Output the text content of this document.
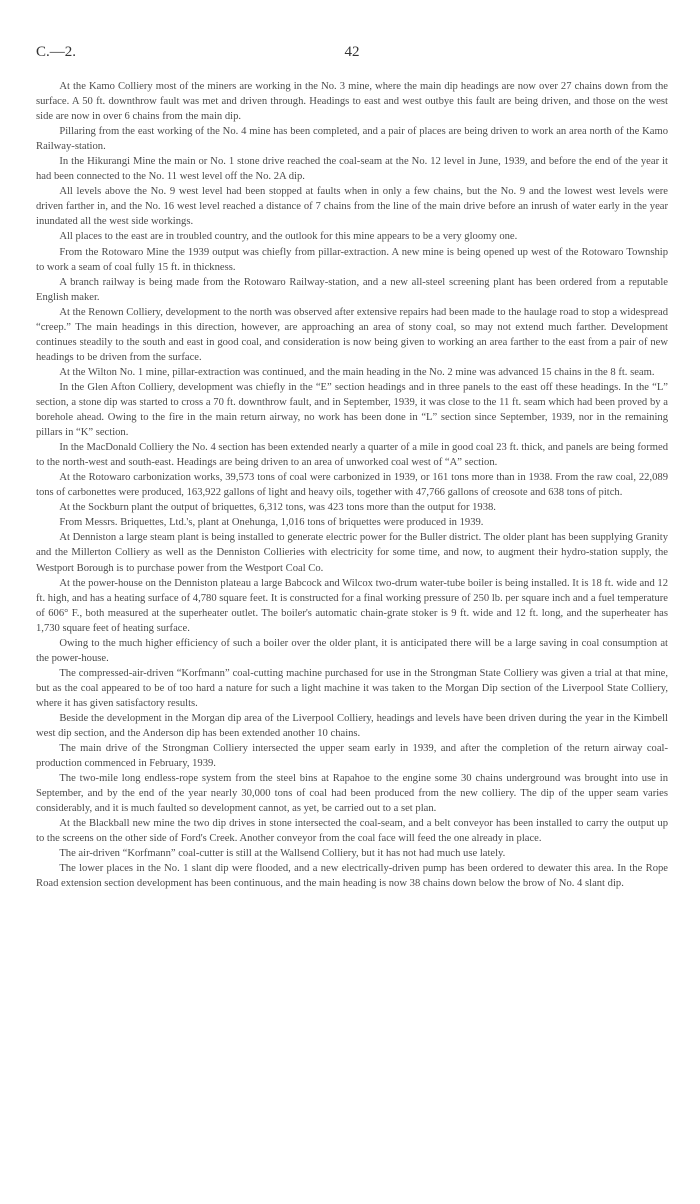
C.—2.	42

At the Kamo Colliery most of the miners are working in the No. 3 mine, where the main dip headings are now over 27 chains down from the surface. A 50 ft. downthrow fault was met and driven through. Headings to east and west outbye this fault are being driven, and those on the west side are now in over 6 chains from the main dip.

Pillaring from the east working of the No. 4 mine has been completed, and a pair of places are being driven to work an area north of the Kamo Railway-station.

In the Hikurangi Mine the main or No. 1 stone drive reached the coal-seam at the No. 12 level in June, 1939, and before the end of the year it had been connected to the No. 11 west level off the No. 2A dip.

All levels above the No. 9 west level had been stopped at faults when in only a few chains, but the No. 9 and the lowest west levels were driven farther in, and the No. 16 west level reached a distance of 7 chains from the line of the main drive before an inrush of water early in the year inundated all the west side workings.

All places to the east are in troubled country, and the outlook for this mine appears to be a very gloomy one.

From the Rotowaro Mine the 1939 output was chiefly from pillar-extraction. A new mine is being opened up west of the Rotowaro Township to work a seam of coal fully 15 ft. in thickness.

A branch railway is being made from the Rotowaro Railway-station, and a new all-steel screening plant has been ordered from a reputable English maker.

At the Renown Colliery, development to the north was observed after extensive repairs had been made to the haulage road to stop a widespread “creep.” The main headings in this direction, however, are approaching an area of stony coal, so may not extend much farther. Development continues steadily to the south and east in good coal, and consideration is now being given to working an area farther to the east from a pair of new headings to be driven from the surface.

At the Wilton No. 1 mine, pillar-extraction was continued, and the main heading in the No. 2 mine was advanced 15 chains in the 8 ft. seam.

In the Glen Afton Colliery, development was chiefly in the “E” section headings and in three panels to the east off these headings. In the “L” section, a stone dip was started to cross a 70 ft. downthrow fault, and in September, 1939, it was close to the 11 ft. seam which had been proved by a borehole ahead. Owing to the fire in the main return airway, no work has been done in “L” section since September, 1939, nor in the remaining pillars in “K” section.

In the MacDonald Colliery the No. 4 section has been extended nearly a quarter of a mile in good coal 23 ft. thick, and panels are being formed to the north-west and south-east. Headings are being driven to an area of unworked coal west of “A” section.

At the Rotowaro carbonization works, 39,573 tons of coal were carbonized in 1939, or 161 tons more than in 1938. From the raw coal, 22,089 tons of carbonettes were produced, 163,922 gallons of light and heavy oils, together with 47,766 gallons of creosote and 638 tons of pitch.

At the Sockburn plant the output of briquettes, 6,312 tons, was 423 tons more than the output for 1938.

From Messrs. Briquettes, Ltd.'s, plant at Onehunga, 1,016 tons of briquettes were produced in 1939.

At Denniston a large steam plant is being installed to generate electric power for the Buller district. The older plant has been supplying Granity and the Millerton Colliery as well as the Denniston Collieries with electricity for some time, and now, to augment their hydro-station supply, the Westport Borough is to purchase power from the Westport Coal Co.

At the power-house on the Denniston plateau a large Babcock and Wilcox two-drum water-tube boiler is being installed. It is 18 ft. wide and 12 ft. high, and has a heating surface of 4,780 square feet. It is constructed for a final working pressure of 250 lb. per square inch and a fuel temperature of 606° F., both measured at the superheater outlet. The boiler's automatic chain-grate stoker is 9 ft. wide and 12 ft. long, and the superheater has 1,730 square feet of heating surface.

Owing to the much higher efficiency of such a boiler over the older plant, it is anticipated there will be a large saving in coal consumption at the power-house.

The compressed-air-driven “Korfmann” coal-cutting machine purchased for use in the Strongman State Colliery was given a trial at that mine, but as the coal appeared to be of too hard a nature for such a light machine it was taken to the Morgan Dip section of the Liverpool State Colliery, where it has given satisfactory results.

Beside the development in the Morgan dip area of the Liverpool Colliery, headings and levels have been driven during the year in the Kimbell west dip section, and the Anderson dip has been extended another 10 chains.

The main drive of the Strongman Colliery intersected the upper seam early in 1939, and after the completion of the return airway coal-production commenced in February, 1939.

The two-mile long endless-rope system from the steel bins at Rapahoe to the engine some 30 chains underground was brought into use in September, and by the end of the year nearly 30,000 tons of coal had been produced from the new colliery. The dip of the upper seam varies considerably, and it is much faulted so development cannot, as yet, be carried out to a set plan.

At the Blackball new mine the two dip drives in stone intersected the coal-seam, and a belt conveyor has been installed to carry the output up to the screens on the other side of Ford's Creek. Another conveyor from the coal face will feed the one already in place.

The air-driven “Korfmann” coal-cutter is still at the Wallsend Colliery, but it has not had much use lately.

The lower places in the No. 1 slant dip were flooded, and a new electrically-driven pump has been ordered to dewater this area. In the Rope Road extension section development has been continuous, and the main heading is now 38 chains down below the brow of No. 4 slant dip.
